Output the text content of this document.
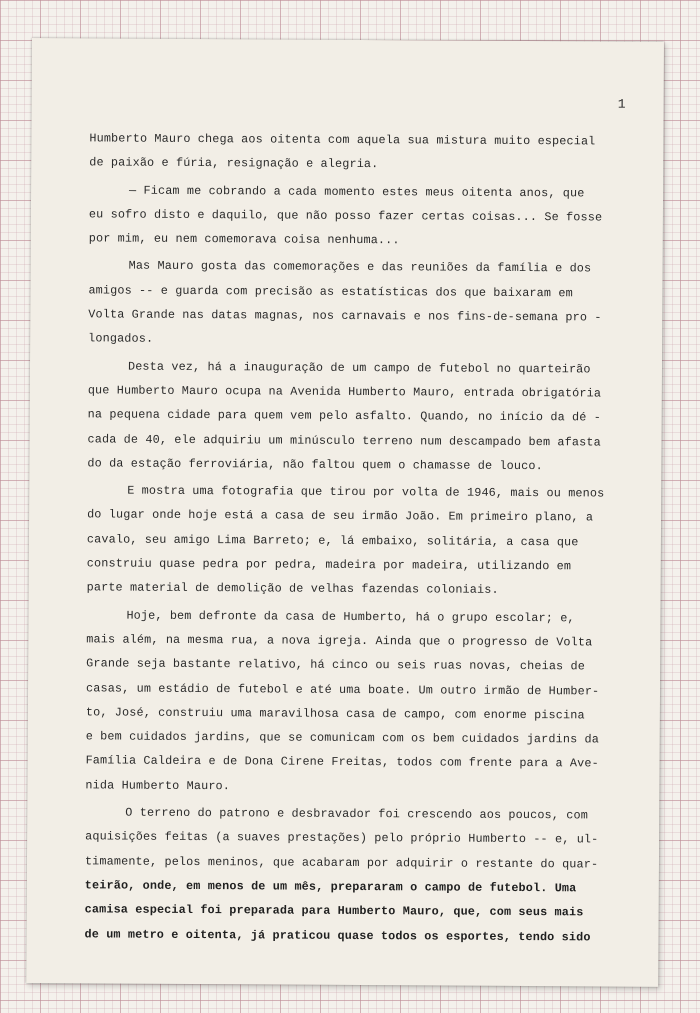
1
Humberto Mauro chega aos oitenta com aquela sua mistura muito especial
de paixão e fúria, resignação e alegria.
— Ficam me cobrando a cada momento estes meus oitenta anos, que
eu sofro disto e daquilo, que não posso fazer certas coisas... Se fosse
por mim, eu nem comemorava coisa nenhuma...
Mas Mauro gosta das comemorações e das reuniões da família e dos
amigos -- e guarda com precisão as estatísticas dos que baixaram em
Volta Grande nas datas magnas, nos carnavais e nos fins-de-semana pro -
longados.
Desta vez, há a inauguração de um campo de futebol no quarteirão
que Humberto Mauro ocupa na Avenida Humberto Mauro, entrada obrigatória
na pequena cidade para quem vem pelo asfalto. Quando, no início da dé -
cada de 40, ele adquiriu um minúsculo terreno num descampado bem afasta
do da estação ferroviária, não faltou quem o chamasse de louco.
E mostra uma fotografia que tirou por volta de 1946, mais ou menos
do lugar onde hoje está a casa de seu irmão João. Em primeiro plano, a
cavalo, seu amigo Lima Barreto; e, lá embaixo, solitária, a casa que
construiu quase pedra por pedra, madeira por madeira, utilizando em
parte material de demolição de velhas fazendas coloniais.
Hoje, bem defronte da casa de Humberto, há o grupo escolar; e,
mais além, na mesma rua, a nova igreja. Ainda que o progresso de Volta
Grande seja bastante relativo, há cinco ou seis ruas novas, cheias de
casas, um estádio de futebol e até uma boate. Um outro irmão de Humber-
to, José, construiu uma maravilhosa casa de campo, com enorme piscina
e bem cuidados jardins, que se comunicam com os bem cuidados jardins da
Família Caldeira e de Dona Cirene Freitas, todos com frente para a Ave-
nida Humberto Mauro.
O terreno do patrono e desbravador foi crescendo aos poucos, com
aquisições feitas (a suaves prestações) pelo próprio Humberto -- e, ul-
timamente, pelos meninos, que acabaram por adquirir o restante do quar-
teirão, onde, em menos de um mês, prepararam o campo de futebol. Uma
camisa especial foi preparada para Humberto Mauro, que, com seus mais
de um metro e oitenta, já praticou quase todos os esportes, tendo sido
